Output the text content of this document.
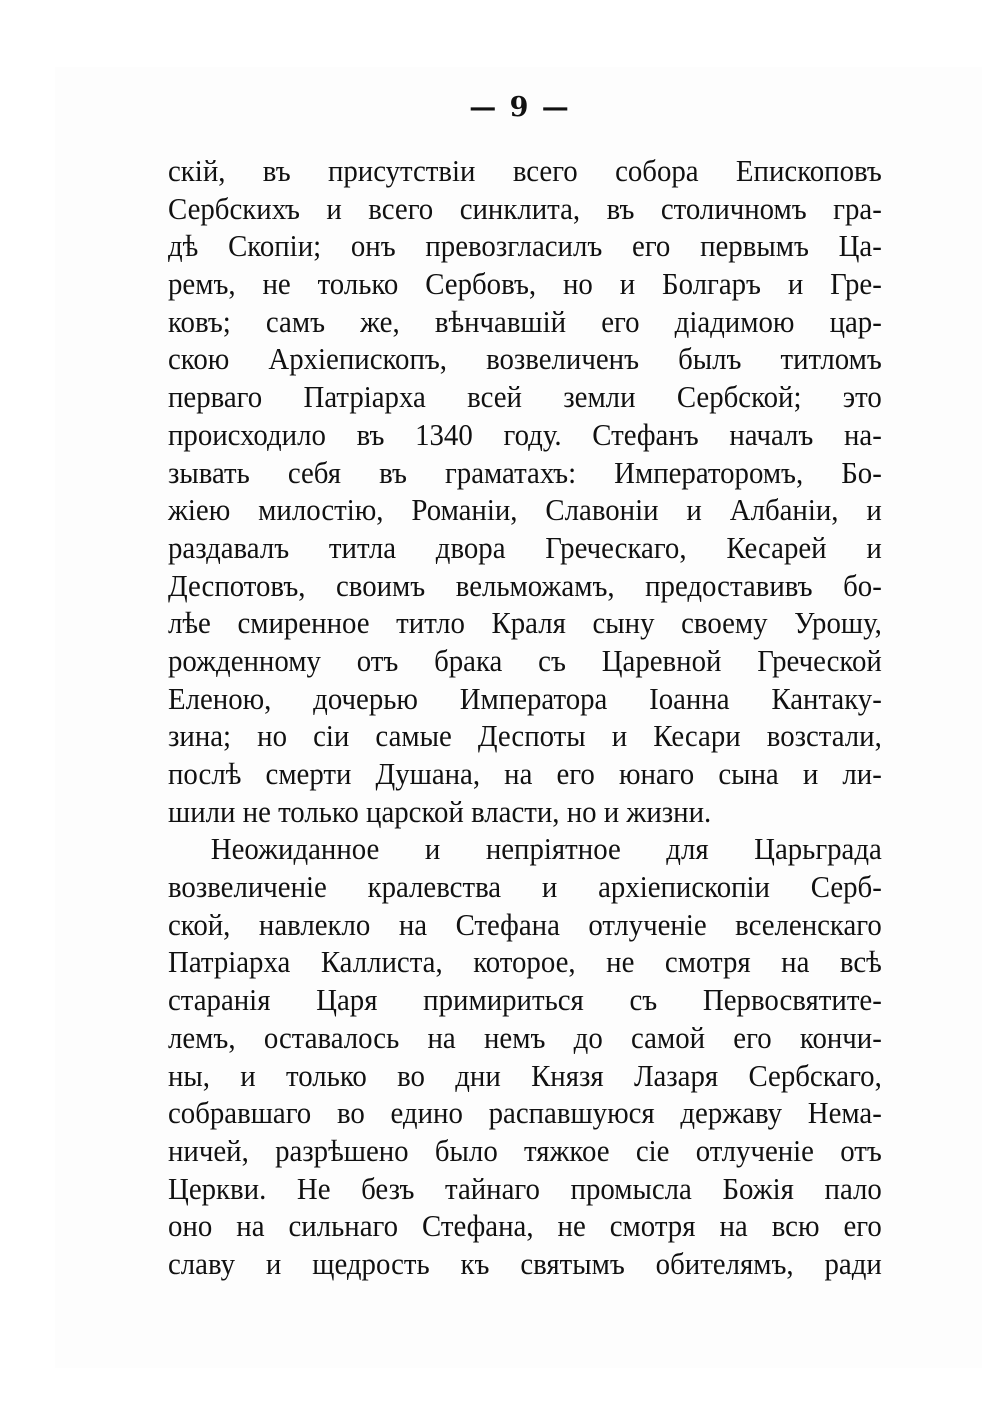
— 9 —
скій, въ присутствіи всего собора Епископовъ
Сербскихъ и всего синклита, въ столичномъ гра-
дѣ Скопіи; онъ превозгласилъ его первымъ Ца-
ремъ, не только Сербовъ, но и Болгаръ и Гре-
ковъ; самъ же, вѣнчавшій его діадимою цар-
скою Архіепископъ, возвеличенъ былъ титломъ
перваго Патріарха всей земли Сербской; это
происходило въ 1340 году. Стефанъ началъ на-
зывать себя въ граматахъ: Императоромъ, Бо-
жіею милостію, Романіи, Славоніи и Албаніи, и
раздавалъ титла двора Греческаго, Кесарей и
Деспотовъ, своимъ вельможамъ, предоставивъ бо-
лѣе смиренное титло Краля сыну своему Урошу,
рожденному отъ брака съ Царевной Греческой
Еленою, дочерью Императора Іоанна Кантаку-
зина; но сіи самые Деспоты и Кесари возстали,
послѣ смерти Душана, на его юнаго сына и ли-
шили не только царской власти, но и жизни.
Неожиданное и непріятное для Царьграда
возвеличеніе кралевства и архіепископіи Серб-
ской, навлекло на Стефана отлученіе вселенскаго
Патріарха Каллиста, которое, не смотря на всѣ
старанія Царя примириться съ Первосвятите-
лемъ, оставалось на немъ до самой его кончи-
ны, и только во дни Князя Лазаря Сербскаго,
собравшаго во едино распавшуюся державу Нема-
ничей, разрѣшено было тяжкое сіе отлученіе отъ
Церкви. Не безъ тайнаго промысла Божія пало
оно на сильнаго Стефана, не смотря на всю его
славу и щедрость къ святымъ обителямъ, ради
